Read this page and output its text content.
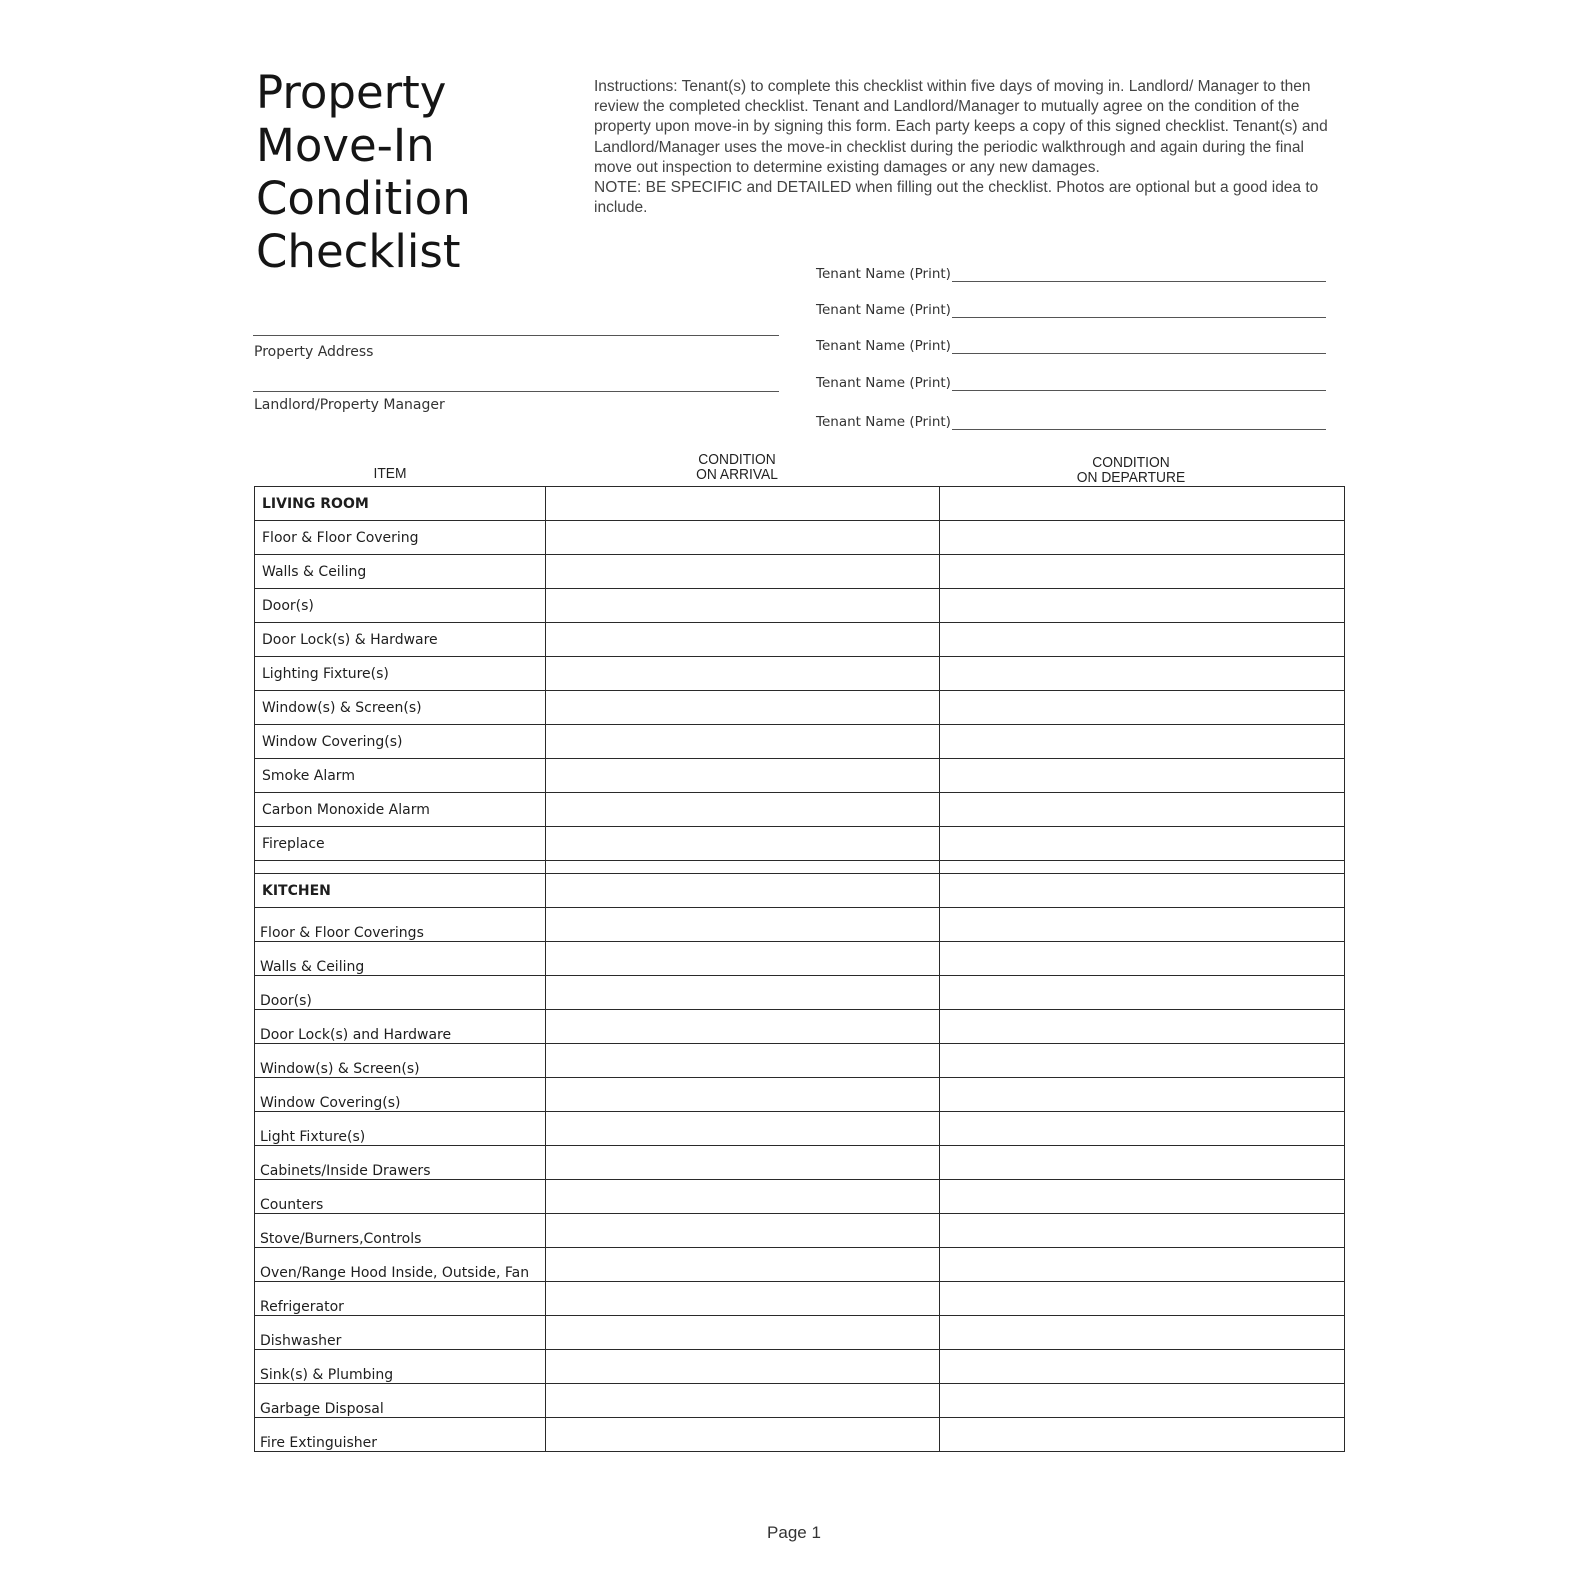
Property
Move-In
Condition
Checklist

Instructions: Tenant(s) to complete this checklist within five days of moving in. Landlord/ Manager to then review the completed checklist. Tenant and Landlord/Manager to mutually agree on the condition of the property upon move-in by signing this form. Each party keeps a copy of this signed checklist. Tenant(s) and Landlord/Manager uses the move-in checklist during the periodic walkthrough and again during the final move out inspection to determine existing damages or any new damages.

NOTE: BE SPECIFIC and DETAILED when filling out the checklist. Photos are optional but a good idea to include.

Tenant Name (Print)
Tenant Name (Print)
Tenant Name (Print)
Tenant Name (Print)
Tenant Name (Print)
Property Address
Landlord/Property Manager
ITEM
CONDITION
ON ARRIVAL
CONDITION
ON DEPARTURE
LIVING ROOM		
Floor & Floor Covering		
Walls & Ceiling		
Door(s)		
Door Lock(s) & Hardware		
Lighting Fixture(s)		
Window(s) & Screen(s)		
Window Covering(s)		
Smoke Alarm		
Carbon Monoxide Alarm		
Fireplace		

KITCHEN		
Floor & Floor Coverings		
Walls & Ceiling		
Door(s)		
Door Lock(s) and Hardware		
Window(s) & Screen(s)		
Window Covering(s)		
Light Fixture(s)		
Cabinets/Inside Drawers		
Counters		
Stove/Burners,Controls		
Oven/Range Hood Inside, Outside, Fan		
Refrigerator		
Dishwasher		
Sink(s) & Plumbing		
Garbage Disposal		
Fire Extinguisher		
Page 1
